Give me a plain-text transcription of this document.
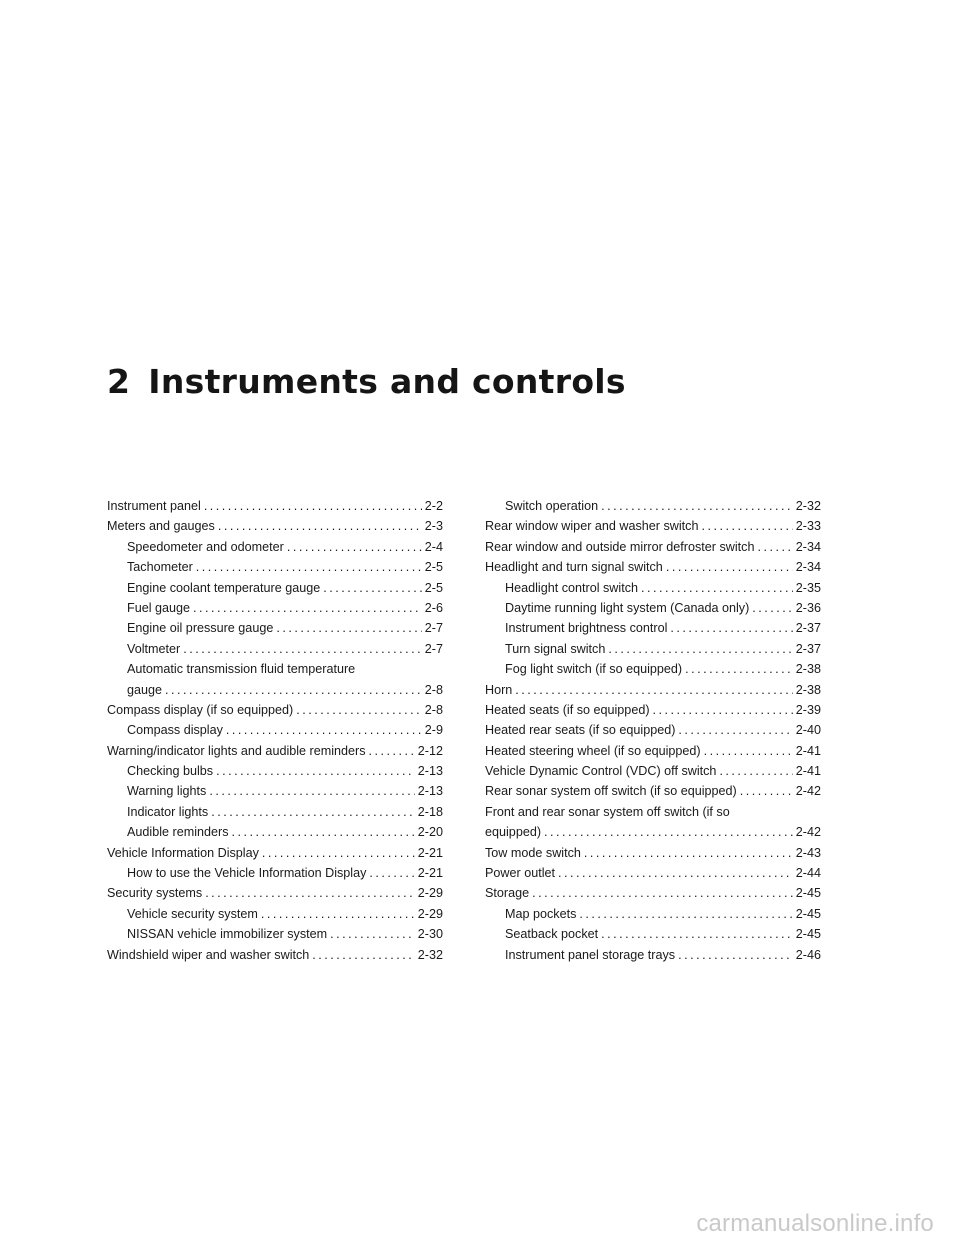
2 Instruments and controls
Instrument panel . . .	2-2
Meters and gauges . . .	2-3
Speedometer and odometer . . .	2-4
Tachometer . . .	2-5
Engine coolant temperature gauge . . .	2-5
Fuel gauge . . .	2-6
Engine oil pressure gauge . . .	2-7
Voltmeter . . .	2-7
Automatic transmission fluid temperature
gauge . . .	2-8
Compass display (if so equipped) . . .	2-8
Compass display . . .	2-9
Warning/indicator lights and audible reminders . . .	2-12
Checking bulbs . . .	2-13
Warning lights . . .	2-13
Indicator lights . . .	2-18
Audible reminders . . .	2-20
Vehicle Information Display . . .	2-21
How to use the Vehicle Information Display . . .	2-21
Security systems . . .	2-29
Vehicle security system . . .	2-29
NISSAN vehicle immobilizer system . . .	2-30
Windshield wiper and washer switch . . .	2-32
Switch operation . . .	2-32
Rear window wiper and washer switch . . .	2-33
Rear window and outside mirror defroster switch . . .	2-34
Headlight and turn signal switch . . .	2-34
Headlight control switch . . .	2-35
Daytime running light system (Canada only) . . .	2-36
Instrument brightness control . . .	2-37
Turn signal switch . . .	2-37
Fog light switch (if so equipped) . . .	2-38
Horn . . .	2-38
Heated seats (if so equipped) . . .	2-39
Heated rear seats (if so equipped) . . .	2-40
Heated steering wheel (if so equipped) . . .	2-41
Vehicle Dynamic Control (VDC) off switch . . .	2-41
Rear sonar system off switch (if so equipped) . . .	2-42
Front and rear sonar system off switch (if so
equipped) . . .	2-42
Tow mode switch . . .	2-43
Power outlet . . .	2-44
Storage . . .	2-45
Map pockets . . .	2-45
Seatback pocket . . .	2-45
Instrument panel storage trays . . .	2-46
carmanualsonline.info
